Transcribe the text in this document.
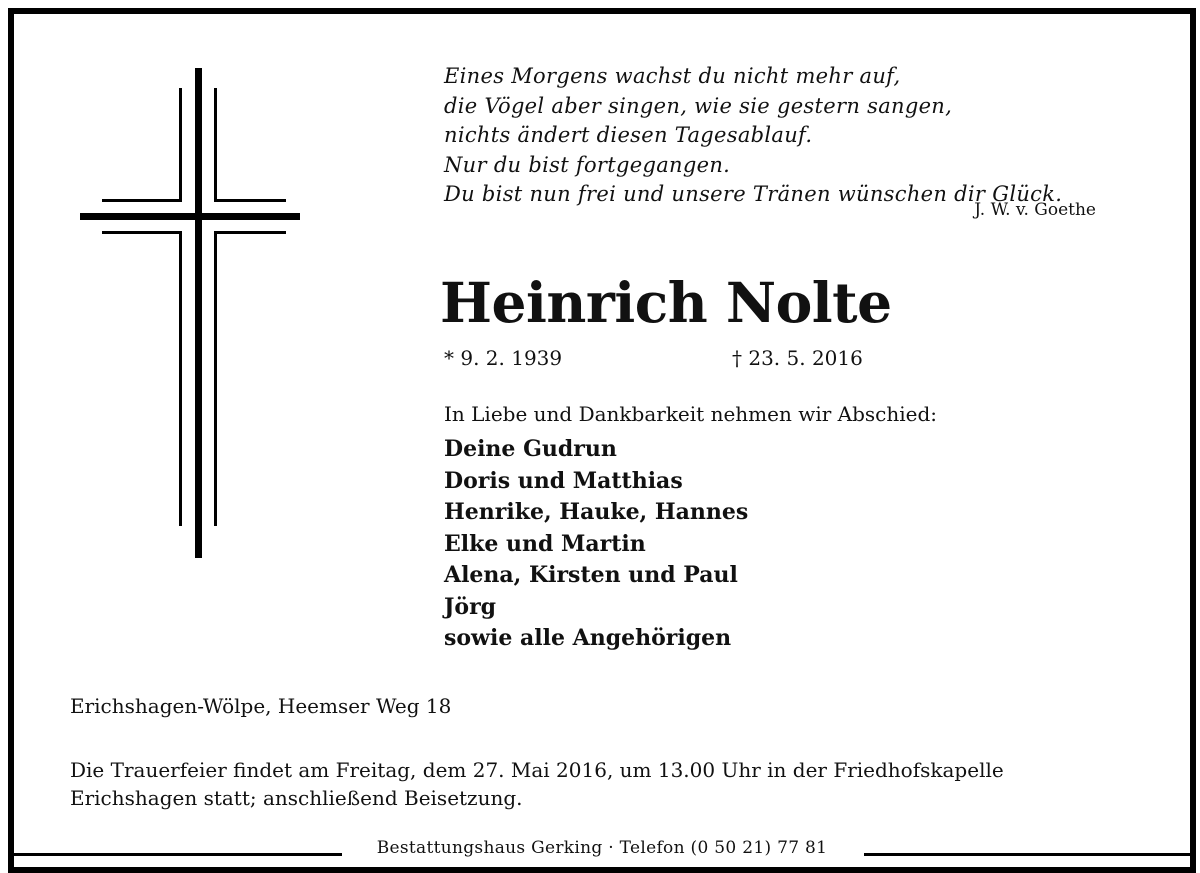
Eines Morgens wachst du nicht mehr auf,
die Vögel aber singen, wie sie gestern sangen,
nichts ändert diesen Tagesablauf.
Nur du bist fortgegangen.
Du bist nun frei und unsere Tränen wünschen dir Glück.
J. W. v. Goethe
Heinrich Nolte
* 9. 2. 1939	† 23. 5. 2016
In Liebe und Dankbarkeit nehmen wir Abschied:
Deine Gudrun
Doris und Matthias
Henrike, Hauke, Hannes
Elke und Martin
Alena, Kirsten und Paul
Jörg
sowie alle Angehörigen
Erichshagen-Wölpe, Heemser Weg 18
Die Trauerfeier findet am Freitag, dem 27. Mai 2016, um 13.00 Uhr in der Friedhofskapelle
Erichshagen statt; anschließend Beisetzung.
Bestattungshaus Gerking · Telefon (0 50 21) 77 81
